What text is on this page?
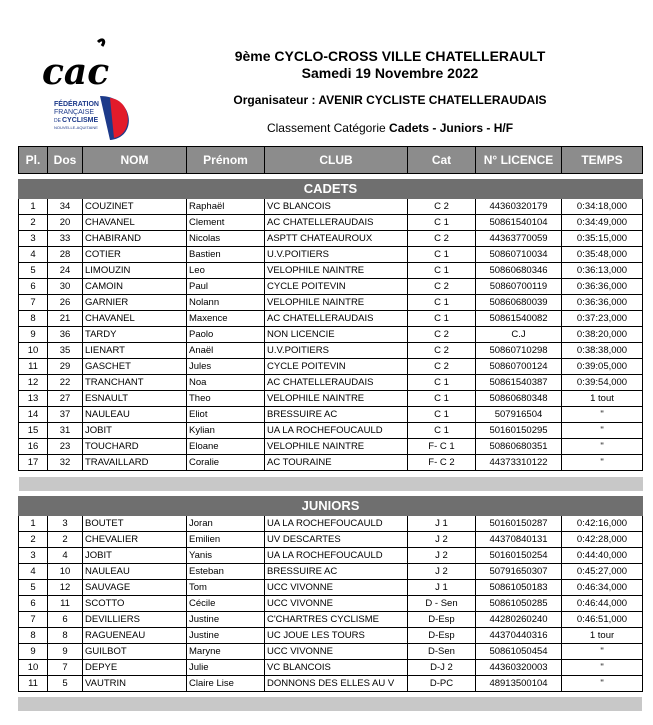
cac
FÉDÉRATION
FRANÇAISE
DE CYCLISME
NOUVELLE-AQUITAINE
9ème CYCLO-CROSS VILLE CHATELLERAULT
Samedi 19 Novembre 2022
Organisateur : AVENIR CYCLISTE CHATELLERAUDAIS
Classement Catégorie Cadets - Juniors - H/F
Pl.	Dos	NOM	Prénom	CLUB	Cat	N° LICENCE	TEMPS

CADETS							
1	34	COUZINET	Raphaël	VC BLANCOIS	C 2	44360320179	0:34:18,000
2	20	CHAVANEL	Clement	AC CHATELLERAUDAIS	C 1	50861540104	0:34:49,000
3	33	CHABIRAND	Nicolas	ASPTT CHATEAUROUX	C 2	44363770059	0:35:15,000
4	28	COTIER	Bastien	U.V.POITIERS	C 1	50860710034	0:35:48,000
5	24	LIMOUZIN	Leo	VELOPHILE NAINTRE	C 1	50860680346	0:36:13,000
6	30	CAMOIN	Paul	CYCLE POITEVIN	C 2	50860700119	0:36:36,000
7	26	GARNIER	Nolann	VELOPHILE NAINTRE	C 1	50860680039	0:36:36,000
8	21	CHAVANEL	Maxence	AC CHATELLERAUDAIS	C 1	50861540082	0:37:23,000
9	36	TARDY	Paolo	NON LICENCIE	C 2	C.J	0:38:20,000
10	35	LIENART	Anaël	U.V.POITIERS	C 2	50860710298	0:38:38,000
11	29	GASCHET	Jules	CYCLE POITEVIN	C 2	50860700124	0:39:05,000
12	22	TRANCHANT	Noa	AC CHATELLERAUDAIS	C 1	50861540387	0:39:54,000
13	27	ESNAULT	Theo	VELOPHILE NAINTRE	C 1	50860680348	1 tout
14	37	NAULEAU	Eliot	BRESSUIRE AC	C 1	507916504	"
15	31	JOBIT	Kylian	UA LA ROCHEFOUCAULD	C 1	50160150295	"
16	23	TOUCHARD	Eloane	VELOPHILE NAINTRE	F- C 1	50860680351	"
17	32	TRAVAILLARD	Coralie	AC TOURAINE	F- C 2	44373310122	"

JUNIORS							
1	3	BOUTET	Joran	UA LA ROCHEFOUCAULD	J 1	50160150287	0:42:16,000
2	2	CHEVALIER	Emilien	UV DESCARTES	J 2	44370840131	0:42:28,000
3	4	JOBIT	Yanis	UA LA ROCHEFOUCAULD	J 2	50160150254	0:44:40,000
4	10	NAULEAU	Esteban	BRESSUIRE AC	J 2	50791650307	0:45:27,000
5	12	SAUVAGE	Tom	UCC VIVONNE	J 1	50861050183	0:46:34,000
6	11	SCOTTO	Cécile	UCC VIVONNE	D - Sen	50861050285	0:46:44,000
7	6	DEVILLIERS	Justine	C'CHARTRES CYCLISME	D-Esp	44280260240	0:46:51,000
8	8	RAGUENEAU	Justine	UC JOUE LES TOURS	D-Esp	44370440316	1 tour
9	9	GUILBOT	Maryne	UCC VIVONNE	D-Sen	50861050454	"
10	7	DEPYE	Julie	VC BLANCOIS	D-J 2	44360320003	"
11	5	VAUTRIN	Claire Lise	DONNONS DES ELLES AU V	D-PC	48913500104	"
